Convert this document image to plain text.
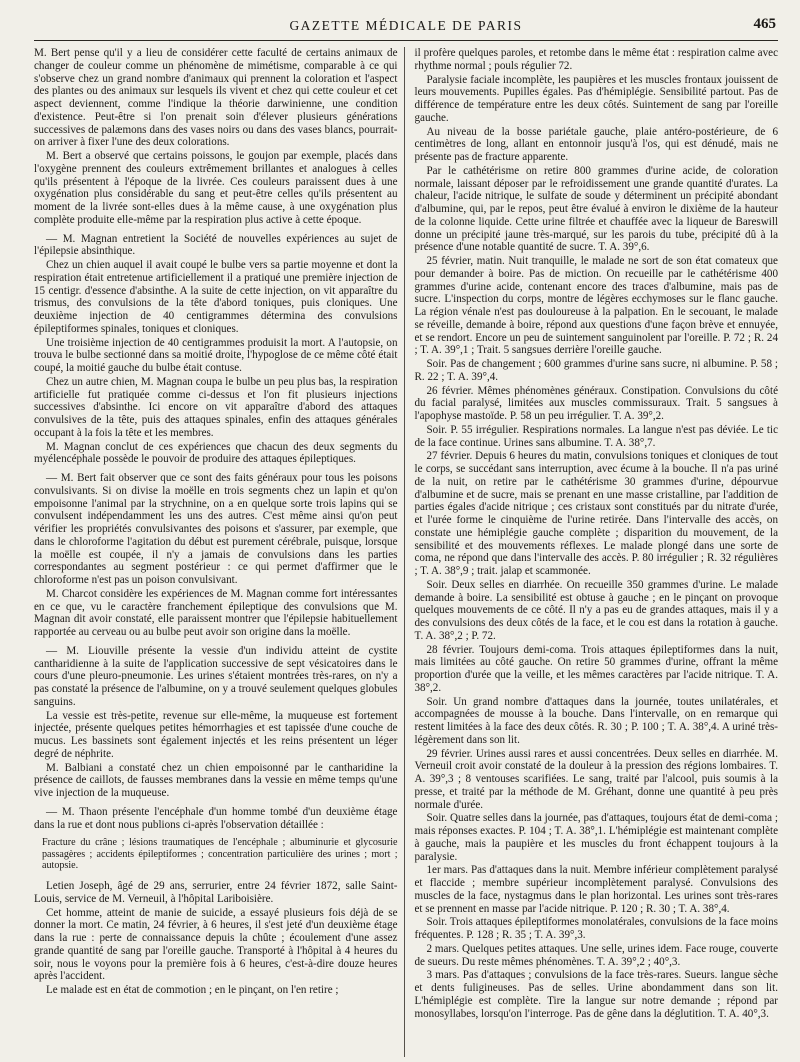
GAZETTE MÉDICALE DE PARIS	465

M. Bert pense qu'il y a lieu de considérer cette faculté de certains animaux de changer de couleur comme un phénomène de mimétisme, comparable à ce qui s'observe chez un grand nombre d'animaux qui prennent la coloration et l'aspect des plantes ou des animaux sur lesquels ils vivent et chez qui cette couleur et cet aspect deviennent, comme l'indique la théorie darwinienne, une condition d'existence. Peut-être si l'on prenait soin d'élever plusieurs générations successives de palæmons dans des vases noirs ou dans des vases blancs, pourrait-on arriver à fixer l'une des deux colorations.

M. Bert a observé que certains poissons, le goujon par exemple, placés dans l'oxygène prennent des couleurs extrêmement brillantes et analogues à celles qu'ils présentent à l'époque de la livrée. Ces couleurs paraissent dues à une oxygénation plus considérable du sang et peut-être celles qu'ils présentent au moment de la livrée sont-elles dues à la même cause, à une oxygénation plus complète produite elle-même par la respiration plus active à cette époque.

— M. Magnan entretient la Société de nouvelles expériences au sujet de l'épilepsie absinthique.

Chez un chien auquel il avait coupé le bulbe vers sa partie moyenne et dont la respiration était entretenue artificiellement il a pratiqué une première injection de 15 centigr. d'essence d'absinthe. A la suite de cette injection, on vit apparaître du trismus, des convulsions de la tête d'abord toniques, puis cloniques. Une deuxième injection de 40 centigrammes détermina des convulsions épileptiformes spinales, toniques et cloniques.

Une troisième injection de 40 centigrammes produisit la mort. A l'autopsie, on trouva le bulbe sectionné dans sa moitié droite, l'hypoglose de ce même côté était coupé, la moitié gauche du bulbe était contuse.

Chez un autre chien, M. Magnan coupa le bulbe un peu plus bas, la respiration artificielle fut pratiquée comme ci-dessus et l'on fit plusieurs injections successives d'absinthe. Ici encore on vit apparaître d'abord des attaques convulsives de la tête, puis des attaques spinales, enfin des attaques générales occupant à la fois la tête et les membres.

M. Magnan conclut de ces expériences que chacun des deux segments du myélencéphale possède le pouvoir de produire des attaques épileptiques.

— M. Bert fait observer que ce sont des faits généraux pour tous les poisons convulsivants. Si on divise la moëlle en trois segments chez un lapin et qu'on empoisonne l'animal par la strychnine, on a en quelque sorte trois lapins qui se convulsent indépendamment les uns des autres. C'est même ainsi qu'on peut vérifier les propriétés convulsivantes des poisons et s'assurer, par exemple, que dans le chloroforme l'agitation du début est purement cérébrale, puisque, lorsque la moëlle est coupée, il n'y a jamais de convulsions dans les parties correspondantes au segment postérieur : ce qui permet d'affirmer que le chloroforme n'est pas un poison convulsivant.

M. Charcot considère les expériences de M. Magnan comme fort intéressantes en ce que, vu le caractère franchement épileptique des convulsions que M. Magnan dit avoir constaté, elle paraissent montrer que l'épilepsie habituellement rapportée au cerveau ou au bulbe peut avoir son origine dans la moëlle.

— M. Liouville présente la vessie d'un individu atteint de cystite cantharidienne à la suite de l'application successive de sept vésicatoires dans le cours d'une pleuro-pneumonie. Les urines s'étaient montrées très-rares, on n'y a pas constaté la présence de l'albumine, on y a trouvé seulement quelques globules sanguins.

La vessie est très-petite, revenue sur elle-même, la muqueuse est fortement injectée, présente quelques petites hémorrhagies et est tapissée d'une couche de mucus. Les bassinets sont également injectés et les reins présentent un léger degré de néphrite.

M. Balbiani a constaté chez un chien empoisonné par le cantharidine la présence de caillots, de fausses membranes dans la vessie en même temps qu'une vive injection de la muqueuse.

— M. Thaon présente l'encéphale d'un homme tombé d'un deuxième étage dans la rue et dont nous publions ci-après l'observation détaillée :

Fracture du crâne ; lésions traumatiques de l'encéphale ; albuminurie et glycosurie passagères ; accidents épileptiformes ; concentration particulière des urines ; mort ; autopsie.

Letien Joseph, âgé de 29 ans, serrurier, entre 24 février 1872, salle Saint-Louis, service de M. Verneuil, à l'hôpital Lariboisière.

Cet homme, atteint de manie de suicide, a essayé plusieurs fois déjà de se donner la mort. Ce matin, 24 février, à 6 heures, il s'est jeté d'un deuxième étage dans la rue : perte de connaissance depuis la chûte ; écoulement d'une assez grande quantité de sang par l'oreille gauche. Transporté à l'hôpital à 4 heures du soir, nous le voyons pour la première fois à 6 heures, c'est-à-dire douze heures après l'accident.

Le malade est en état de commotion ; en le pinçant, on l'en retire ;

il profère quelques paroles, et retombe dans le même état : respiration calme avec rhythme normal ; pouls régulier 72.

Paralysie faciale incomplète, les paupières et les muscles frontaux jouissent de leurs mouvements. Pupilles égales. Pas d'hémiplégie. Sensibilité partout. Pas de différence de température entre les deux côtés. Suintement de sang par l'oreille gauche.

Au niveau de la bosse pariétale gauche, plaie antéro-postérieure, de 6 centimètres de long, allant en entonnoir jusqu'à l'os, qui est dénudé, mais ne présente pas de fracture apparente.

Par le cathétérisme on retire 800 grammes d'urine acide, de coloration normale, laissant déposer par le refroidissement une grande quantité d'urates. La chaleur, l'acide nitrique, le sulfate de soude y déterminent un précipité abondant d'albumine, qui, par le repos, peut être évalué à environ le dixième de la hauteur de la colonne liquide. Cette urine filtrée et chauffée avec la liqueur de Bareswill donne un précipité jaune très-marqué, sur les parois du tube, précipité dû à la présence d'une notable quantité de sucre. T. A. 39°,6.

25 février, matin. Nuit tranquille, le malade ne sort de son état comateux que pour demander à boire. Pas de miction. On recueille par le cathétérisme 400 grammes d'urine acide, contenant encore des traces d'albumine, mais pas de sucre. L'inspection du corps, montre de légères ecchymoses sur le flanc gauche. La région vénale n'est pas douloureuse à la palpation. En le secouant, le malade se réveille, demande à boire, répond aux questions d'une façon brève et ennuyée, et se rendort. Encore un peu de suintement sanguinolent par l'oreille. P. 72 ; R. 24 ; T. A. 39°,1 ; Trait. 5 sangsues derrière l'oreille gauche.

Soir. Pas de changement ; 600 grammes d'urine sans sucre, ni albumine. P. 58 ; R. 22 ; T. A. 39°,4.

26 février. Mêmes phénomènes généraux. Constipation. Convulsions du côté du facial paralysé, limitées aux muscles commissuraux. Trait. 5 sangsues à l'apophyse mastoïde. P. 58 un peu irrégulier. T. A. 39°,2.

Soir. P. 55 irrégulier. Respirations normales. La langue n'est pas déviée. Le tic de la face continue. Urines sans albumine. T. A. 38°,7.

27 février. Depuis 6 heures du matin, convulsions toniques et cloniques de tout le corps, se succédant sans interruption, avec écume à la bouche. Il n'a pas uriné de la nuit, on retire par le cathétérisme 30 grammes d'urine, dépourvue d'albumine et de sucre, mais se prenant en une masse cristalline, par l'addition de parties égales d'acide nitrique ; ces cristaux sont constitués par du nitrate d'urée, et l'urée forme le cinquième de l'urine retirée. Dans l'intervalle des accès, on constate une hémiplégie gauche complète ; disparition du mouvement, de la sensibilité et des mouvements réflexes. Le malade plongé dans une sorte de coma, ne répond que dans l'intervalle des accès. P. 80 irrégulier ; R. 32 régulières ; T. A. 38°,9 ; trait. jalap et scammonée.

Soir. Deux selles en diarrhée. On recueille 350 grammes d'urine. Le malade demande à boire. La sensibilité est obtuse à gauche ; en le pinçant on provoque quelques mouvements de ce côté. Il n'y a pas eu de grandes attaques, mais il y a des convulsions des deux côtés de la face, et le cou est dans la rotation à gauche. T. A. 38°,2 ; P. 72.

28 février. Toujours demi-coma. Trois attaques épileptiformes dans la nuit, mais limitées au côté gauche. On retire 50 grammes d'urine, offrant la même proportion d'urée que la veille, et les mêmes caractères par l'acide nitrique. T. A. 38°,2.

Soir. Un grand nombre d'attaques dans la journée, toutes unilatérales, et accompagnées de mousse à la bouche. Dans l'intervalle, on en remarque qui restent limitées à la face des deux côtés. R. 30 ; P. 100 ; T. A. 38°,4. A uriné très-légèrement dans son lit.

29 février. Urines aussi rares et aussi concentrées. Deux selles en diarrhée. M. Verneuil croit avoir constaté de la douleur à la pression des régions lombaires. T. A. 39°,3 ; 8 ventouses scarifiées. Le sang, traité par l'alcool, puis soumis à la presse, et traité par la méthode de M. Gréhant, donne une quantité à peu près normale d'urée.

Soir. Quatre selles dans la journée, pas d'attaques, toujours état de demi-coma ; mais réponses exactes. P. 104 ; T. A. 38°,1. L'hémiplégie est maintenant complète à gauche, mais la paupière et les muscles du front échappent toujours à la paralysie.

1er mars. Pas d'attaques dans la nuit. Membre inférieur complètement paralysé et flaccide ; membre supérieur incomplètement paralysé. Convulsions des muscles de la face, nystagmus dans le plan horizontal. Les urines sont très-rares et se prennent en masse par l'acide nitrique. P. 120 ; R. 30 ; T. A. 38°,4.

Soir. Trois attaques épileptiformes monolatérales, convulsions de la face moins fréquentes. P. 128 ; R. 35 ; T. A. 39°,3.

2 mars. Quelques petites attaques. Une selle, urines idem. Face rouge, couverte de sueurs. Du reste mêmes phénomènes. T. A. 39°,2 ; 40°,3.

3 mars. Pas d'attaques ; convulsions de la face très-rares. Sueurs. langue sèche et dents fuligineuses. Pas de selles. Urine abondamment dans son lit. L'hémiplégie est complète. Tire la langue sur notre demande ; répond par monosyllabes, lorsqu'on l'interroge. Pas de gêne dans la déglutition. T. A. 40°,3.
